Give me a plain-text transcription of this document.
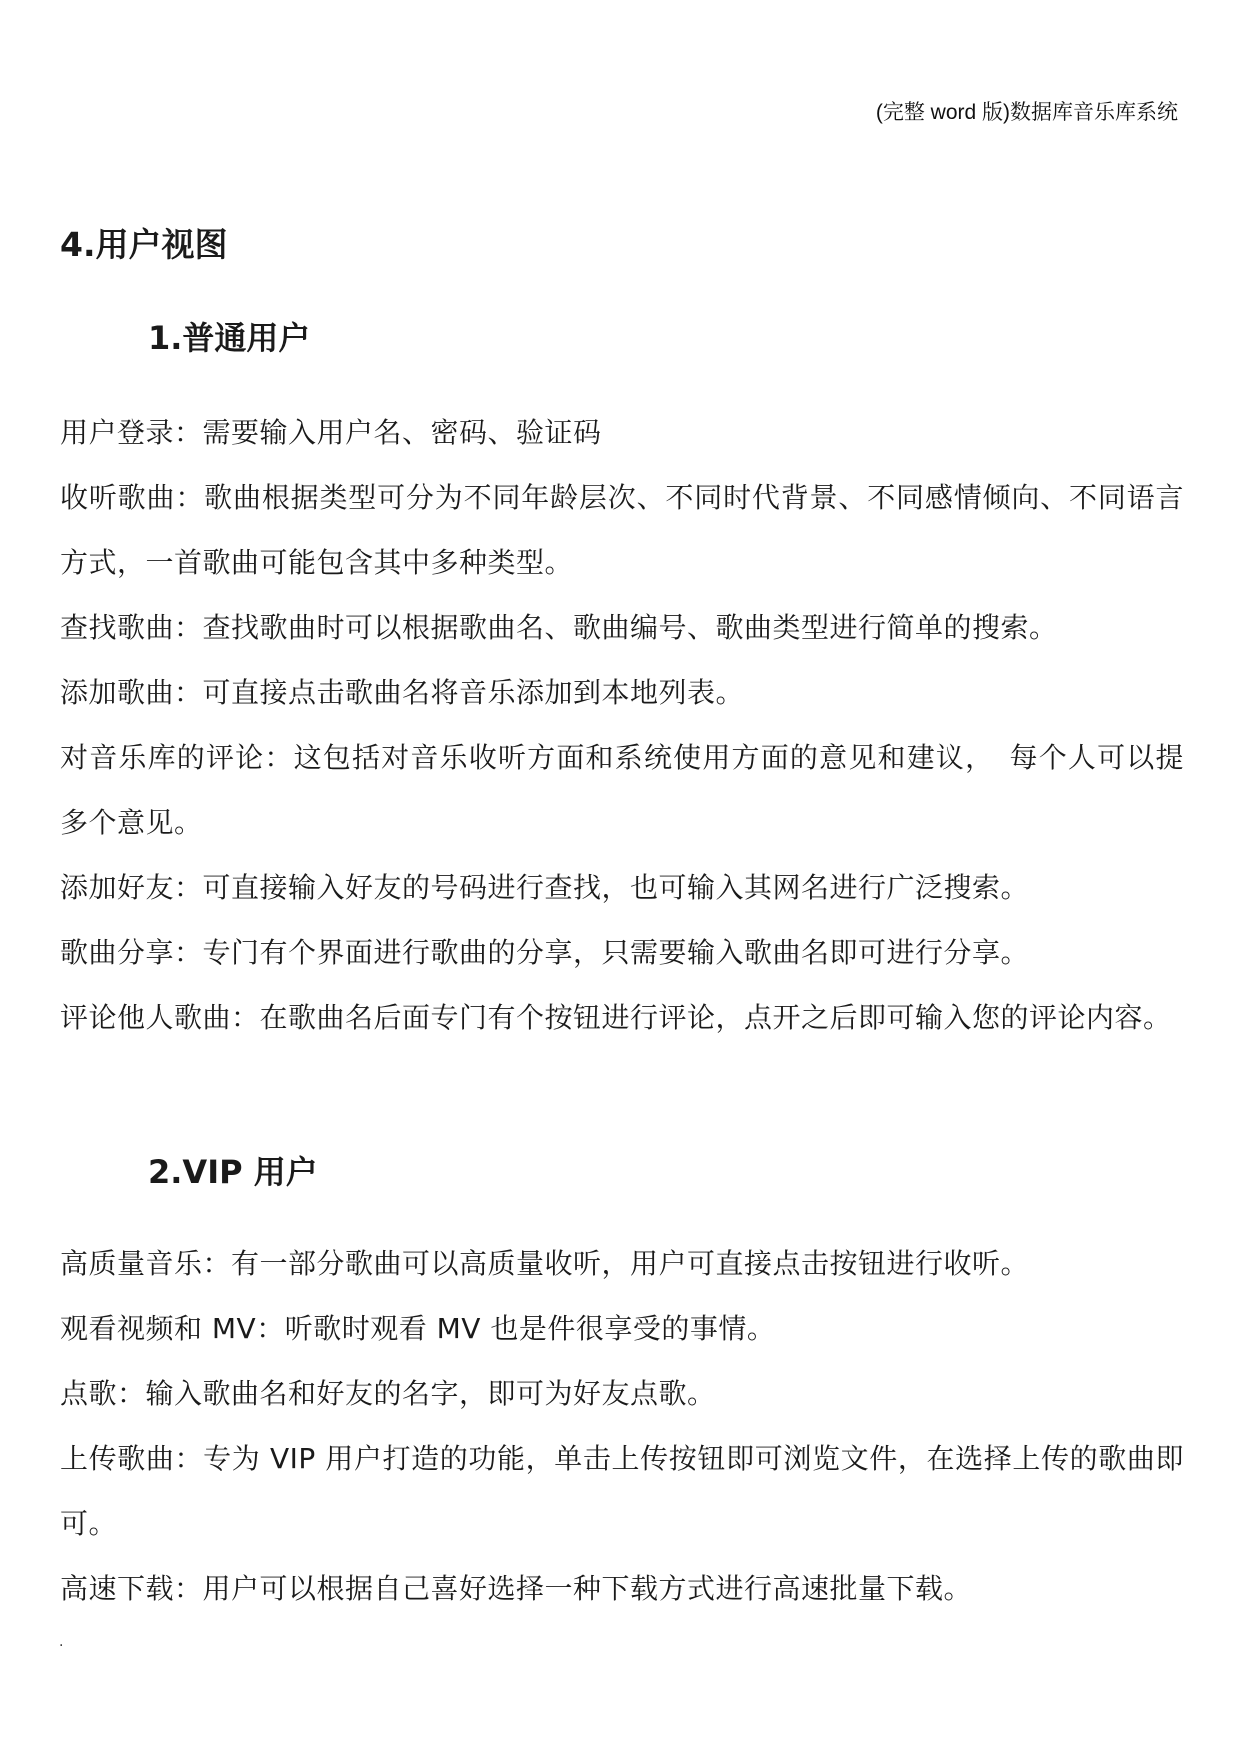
(完整 word 版)数据库音乐库系统
4.用户视图
1.普通用户

用户登录：需要输入用户名、密码、验证码

收听歌曲：歌曲根据类型可分为不同年龄层次、不同时代背景、不同感情倾向、不同语言方式，一首歌曲可能包含其中多种类型。

查找歌曲：查找歌曲时可以根据歌曲名、歌曲编号、歌曲类型进行简单的搜索。

添加歌曲：可直接点击歌曲名将音乐添加到本地列表。

对音乐库的评论：这包括对音乐收听方面和系统使用方面的意见和建议，　每个人可以提多个意见。

添加好友：可直接输入好友的号码进行查找，也可输入其网名进行广泛搜索。

歌曲分享：专门有个界面进行歌曲的分享，只需要输入歌曲名即可进行分享。

评论他人歌曲：在歌曲名后面专门有个按钮进行评论，点开之后即可输入您的评论内容。

2.VIP 用户

高质量音乐：有一部分歌曲可以高质量收听，用户可直接点击按钮进行收听。

观看视频和 MV：听歌时观看 MV 也是件很享受的事情。

点歌：输入歌曲名和好友的名字，即可为好友点歌。

上传歌曲：专为 VIP 用户打造的功能，单击上传按钮即可浏览文件，在选择上传的歌曲即可。

高速下载：用户可以根据自己喜好选择一种下载方式进行高速批量下载。

.
